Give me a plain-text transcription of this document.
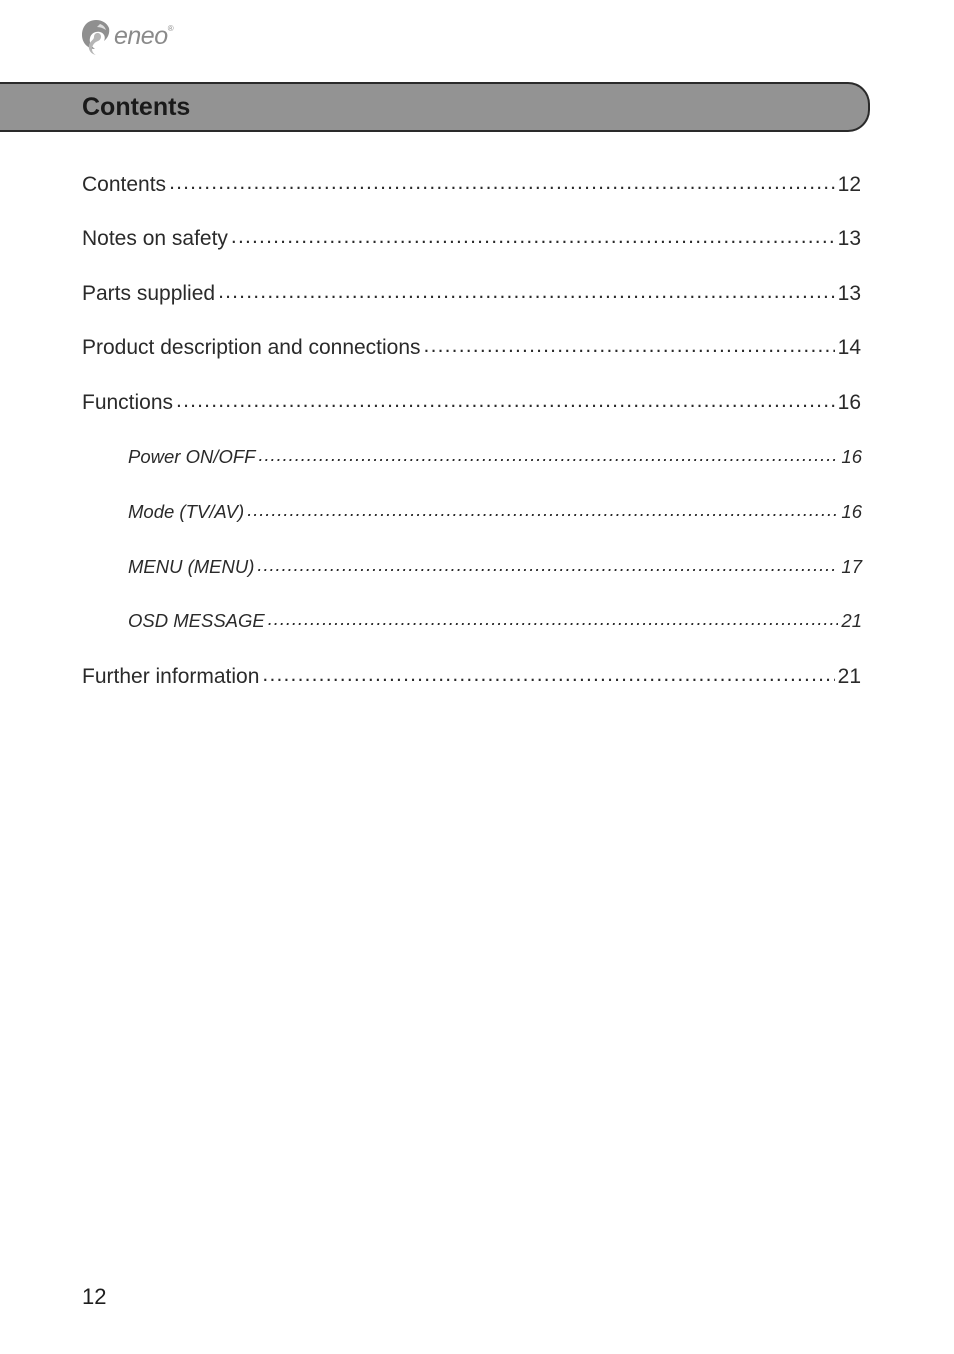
eneo®
Contents
Contents .....	12
Notes on safety .....	13
Parts supplied .....	13
Product description and connections .....	14
Functions .....	16
Power ON/OFF .....	16
Mode (TV/AV) .....	16
MENU (MENU) .....	17
OSD MESSAGE .....	21
Further information .....	21
12
